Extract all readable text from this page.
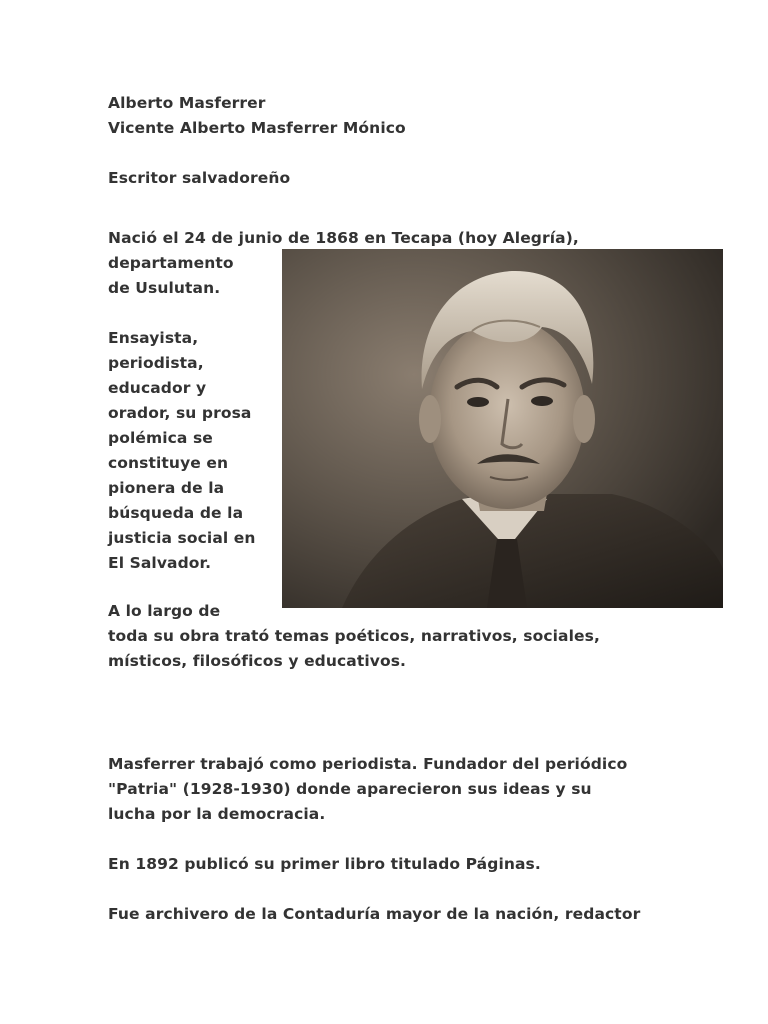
Alberto Masferrer
Vicente Alberto Masferrer Mónico
Escritor salvadoreño
Nació el 24 de junio de 1868 en Tecapa (hoy Alegría),
departamento
de Usulutan.
Ensayista,
periodista,
educador y
orador, su prosa
polémica se
constituye en
pionera de la
búsqueda de la
justicia social en
El Salvador.
A lo largo de
toda su obra trató temas poéticos, narrativos, sociales,
místicos, filosóficos y educativos.
Masferrer trabajó como periodista. Fundador del periódico
"Patria" (1928-1930) donde aparecieron sus ideas y su
lucha por la democracia.
En 1892 publicó su primer libro titulado Páginas.
Fue archivero de la Contaduría mayor de la nación, redactor
